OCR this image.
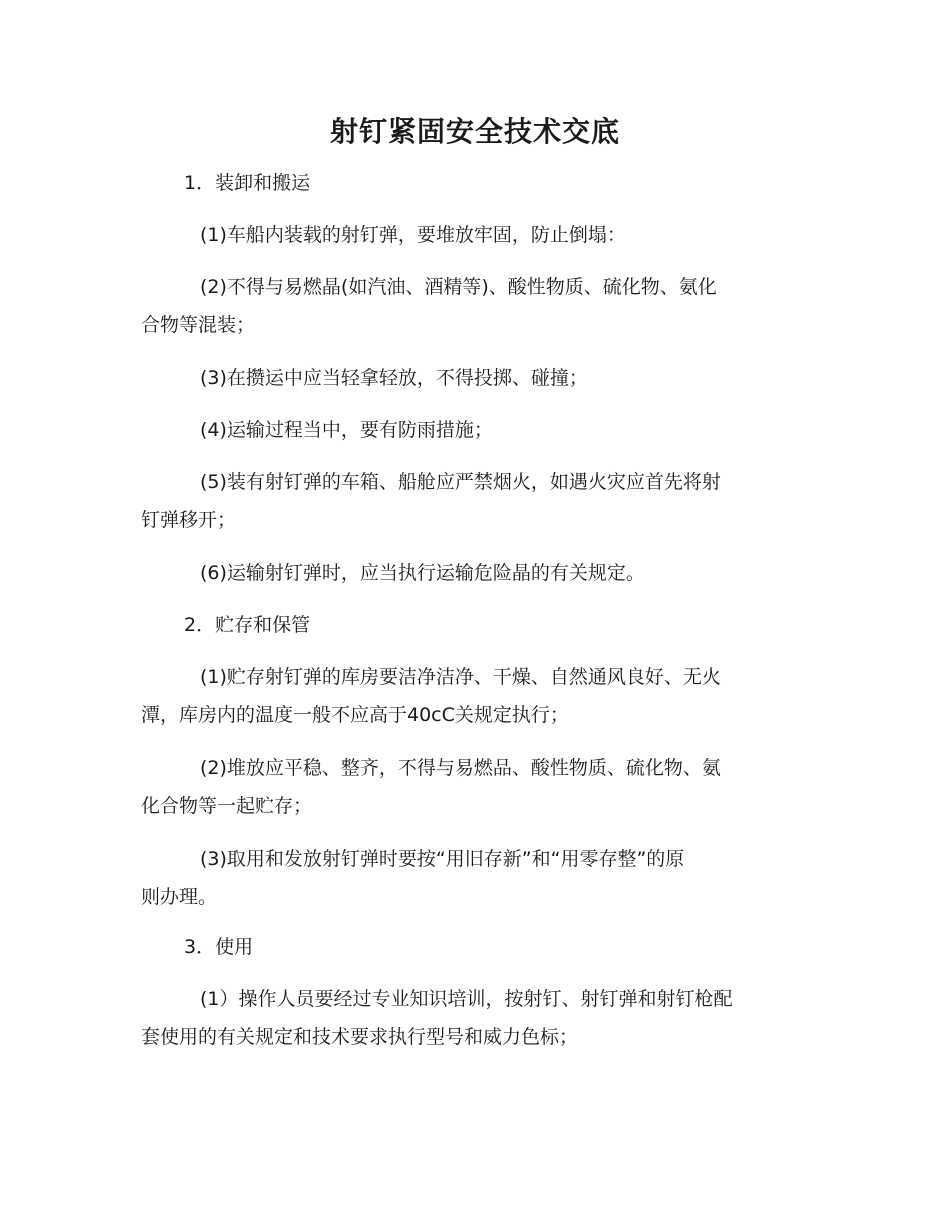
射钉紧固安全技术交底

1．装卸和搬运

(1)车船内装载的射钉弹，要堆放牢固，防止倒塌：

(2)不得与易燃晶(如汽油、酒精等)、酸性物质、硫化物、氨化
合物等混装；

(3)在攒运中应当轻拿轻放，不得投掷、碰撞；

(4)运输过程当中，要有防雨措施；

(5)装有射钉弹的车箱、船舱应严禁烟火，如遇火灾应首先将射
钉弹移开；

(6)运输射钉弹时，应当执行运输危险晶的有关规定。

2．贮存和保管

(1)贮存射钉弹的库房要洁净洁净、干燥、自然通风良好、无火
潭，库房内的温度一般不应高于40cC关规定执行；

(2)堆放应平稳、整齐，不得与易燃品、酸性物质、硫化物、氨
化合物等一起贮存；

(3)取用和发放射钉弹时要按“用旧存新”和“用零存整”的原
则办理。

3．使用

(1）操作人员要经过专业知识培训，按射钉、射钉弹和射钉枪配
套使用的有关规定和技术要求执行型号和威力色标；
